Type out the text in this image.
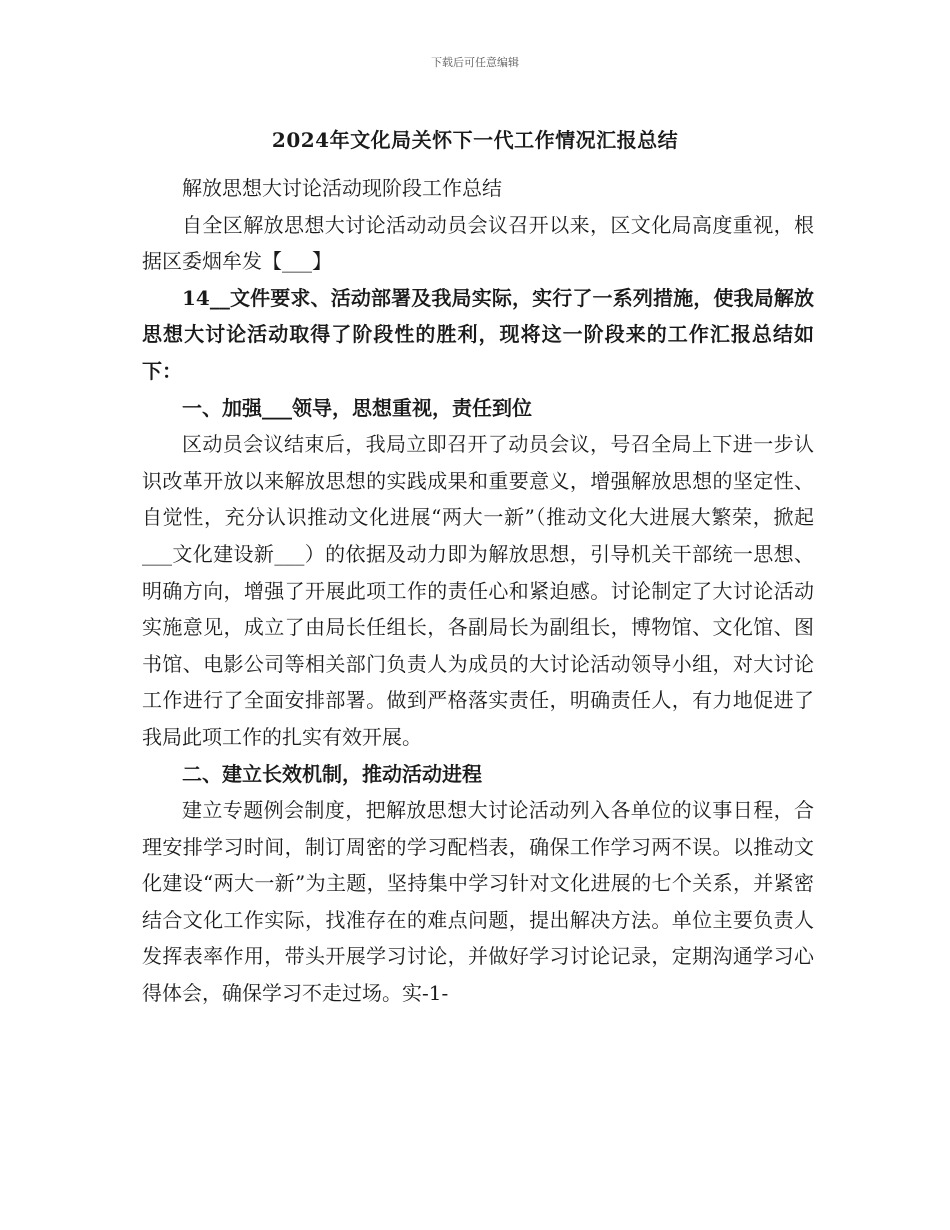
下载后可任意编辑
2024年文化局关怀下一代工作情况汇报总结

解放思想大讨论活动现阶段工作总结

自全区解放思想大讨论活动动员会议召开以来，区文化局高度重视，根据区委烟牟发【___】

14__文件要求、活动部署及我局实际，实行了一系列措施，使我局解放思想大讨论活动取得了阶段性的胜利，现将这一阶段来的工作汇报总结如下：

一、加强___领导，思想重视，责任到位

区动员会议结束后，我局立即召开了动员会议，号召全局上下进一步认识改革开放以来解放思想的实践成果和重要意义，增强解放思想的坚定性、自觉性，充分认识推动文化进展“两大一新”（推动文化大进展大繁荣，掀起___文化建设新___）的依据及动力即为解放思想，引导机关干部统一思想、明确方向，增强了开展此项工作的责任心和紧迫感。讨论制定了大讨论活动实施意见，成立了由局长任组长，各副局长为副组长，博物馆、文化馆、图书馆、电影公司等相关部门负责人为成员的大讨论活动领导小组，对大讨论工作进行了全面安排部署。做到严格落实责任，明确责任人，有力地促进了我局此项工作的扎实有效开展。

二、建立长效机制，推动活动进程

建立专题例会制度，把解放思想大讨论活动列入各单位的议事日程，合理安排学习时间，制订周密的学习配档表，确保工作学习两不误。以推动文化建设“两大一新”为主题，坚持集中学习针对文化进展的七个关系，并紧密结合文化工作实际，找准存在的难点问题，提出解决方法。单位主要负责人发挥表率作用，带头开展学习讨论，并做好学习讨论记录，定期沟通学习心得体会，确保学习不走过场。实-1-
